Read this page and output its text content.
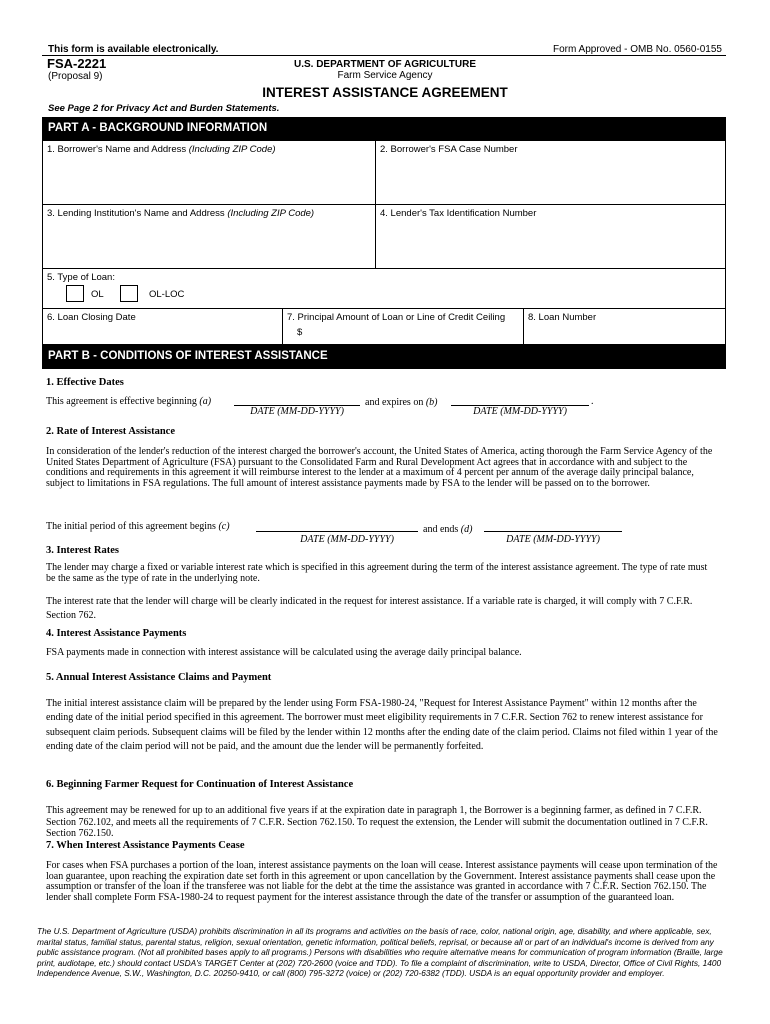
This form is available electronically.	Form Approved - OMB No. 0560-0155
FSA-2221
(Proposal 9)
U.S. DEPARTMENT OF AGRICULTURE
Farm Service Agency
INTEREST ASSISTANCE AGREEMENT
See Page 2 for Privacy Act and Burden Statements.
PART A - BACKGROUND INFORMATION
1. Borrower's Name and Address (Including ZIP Code)	2. Borrower's FSA Case Number
3. Lending Institution's Name and Address (Including ZIP Code)	4. Lender's Tax Identification Number
5. Type of Loan:
OL	OL-LOC
6. Loan Closing Date	7. Principal Amount of Loan or Line of Credit Ceiling
$
8. Loan Number
PART B - CONDITIONS OF INTEREST ASSISTANCE
1. Effective Dates
This agreement is effective beginning (a)
DATE (MM-DD-YYYY)
and expires on (b)	.
DATE (MM-DD-YYYY)
2. Rate of Interest Assistance
In consideration of the lender's reduction of the interest charged the borrower's account, the United States of America, acting thorough the Farm Service Agency of the United States Department of Agriculture (FSA) pursuant to the Consolidated Farm and Rural Development Act agrees that in accordance with and subject to the conditions and requirements in this agreement it will reimburse interest to the lender at a maximum of 4 percent per annum of the average daily principal balance, subject to limitations in FSA regulations. The full amount of interest assistance payments made by FSA to the lender will be passed on to the borrower.
The initial period of this agreement begins (c)
DATE (MM-DD-YYYY)
and ends (d)
DATE (MM-DD-YYYY)
3. Interest Rates
The lender may charge a fixed or variable interest rate which is specified in this agreement during the term of the interest assistance agreement. The type of rate must be the same as the type of rate in the underlying note.
The interest rate that the lender will charge will be clearly indicated in the request for interest assistance. If a variable rate is charged, it will comply with 7 C.F.R. Section 762.
4. Interest Assistance Payments
FSA payments made in connection with interest assistance will be calculated using the average daily principal balance.
5. Annual Interest Assistance Claims and Payment
The initial interest assistance claim will be prepared by the lender using Form FSA-1980-24, "Request for Interest Assistance Payment" within 12 months after the ending date of the initial period specified in this agreement. The borrower must meet eligibility requirements in 7 C.F.R. Section 762 to renew interest assistance for subsequent claim periods. Subsequent claims will be filed by the lender within 12 months after the ending date of the claim period. Claims not filed within 1 year of the ending date of the claim period will not be paid, and the amount due the lender will be permanently forfeited.
6. Beginning Farmer Request for Continuation of Interest Assistance
This agreement may be renewed for up to an additional five years if at the expiration date in paragraph 1, the Borrower is a beginning farmer, as defined in 7 C.F.R. Section 762.102, and meets all the requirements of 7 C.F.R. Section 762.150. To request the extension, the Lender will submit the documentation outlined in 7 C.F.R. Section 762.150.
7. When Interest Assistance Payments Cease
For cases when FSA purchases a portion of the loan, interest assistance payments on the loan will cease. Interest assistance payments will cease upon termination of the loan guarantee, upon reaching the expiration date set forth in this agreement or upon cancellation by the Government. Interest assistance payments shall cease upon the assumption or transfer of the loan if the transferee was not liable for the debt at the time the assistance was granted in accordance with 7 C.F.R. Section 762.150. The lender shall complete Form FSA-1980-24 to request payment for the interest assistance through the date of the transfer or assumption of the guaranteed loan.
The U.S. Department of Agriculture (USDA) prohibits discrimination in all its programs and activities on the basis of race, color, national origin, age, disability, and where applicable, sex, marital status, familial status, parental status, religion, sexual orientation, genetic information, political beliefs, reprisal, or because all or part of an individual's income is derived from any public assistance program. (Not all prohibited bases apply to all programs.) Persons with disabilities who require alternative means for communication of program information (Braille, large print, audiotape, etc.) should contact USDA's TARGET Center at (202) 720-2600 (voice and TDD). To file a complaint of discrimination, write to USDA, Director, Office of Civil Rights, 1400 Independence Avenue, S.W., Washington, D.C. 20250-9410, or call (800) 795-3272 (voice) or (202) 720-6382 (TDD). USDA is an equal opportunity provider and employer.
